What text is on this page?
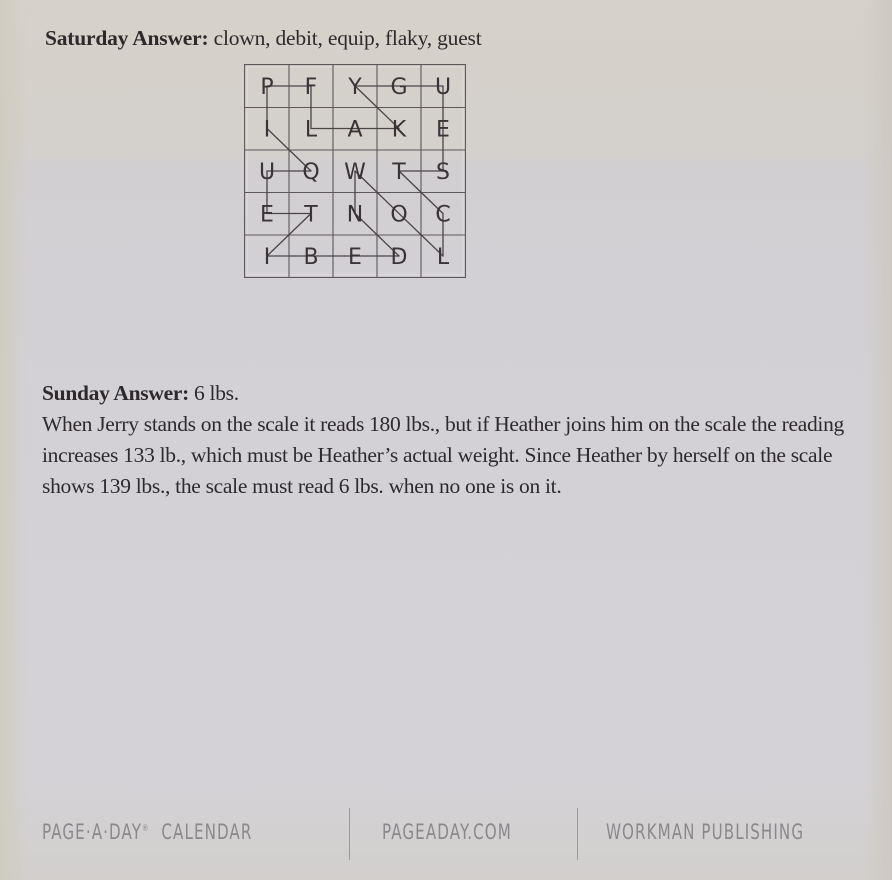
Saturday Answer: clown, debit, equip, flaky, guest
P F Y G U
I L A K E
U Q W T S
E T N O C
I B E D L
Sunday Answer: 6 lbs.

When Jerry stands on the scale it reads 180 lbs., but if Heather joins him on the scale the reading increases 133 lb., which must be Heather’s actual weight. Since Heather by herself on the scale shows 139 lbs., the scale must read 6 lbs. when no one is on it.

PAGE·A·DAY® CALENDAR	PAGEADAY.COM	WORKMAN PUBLISHING
